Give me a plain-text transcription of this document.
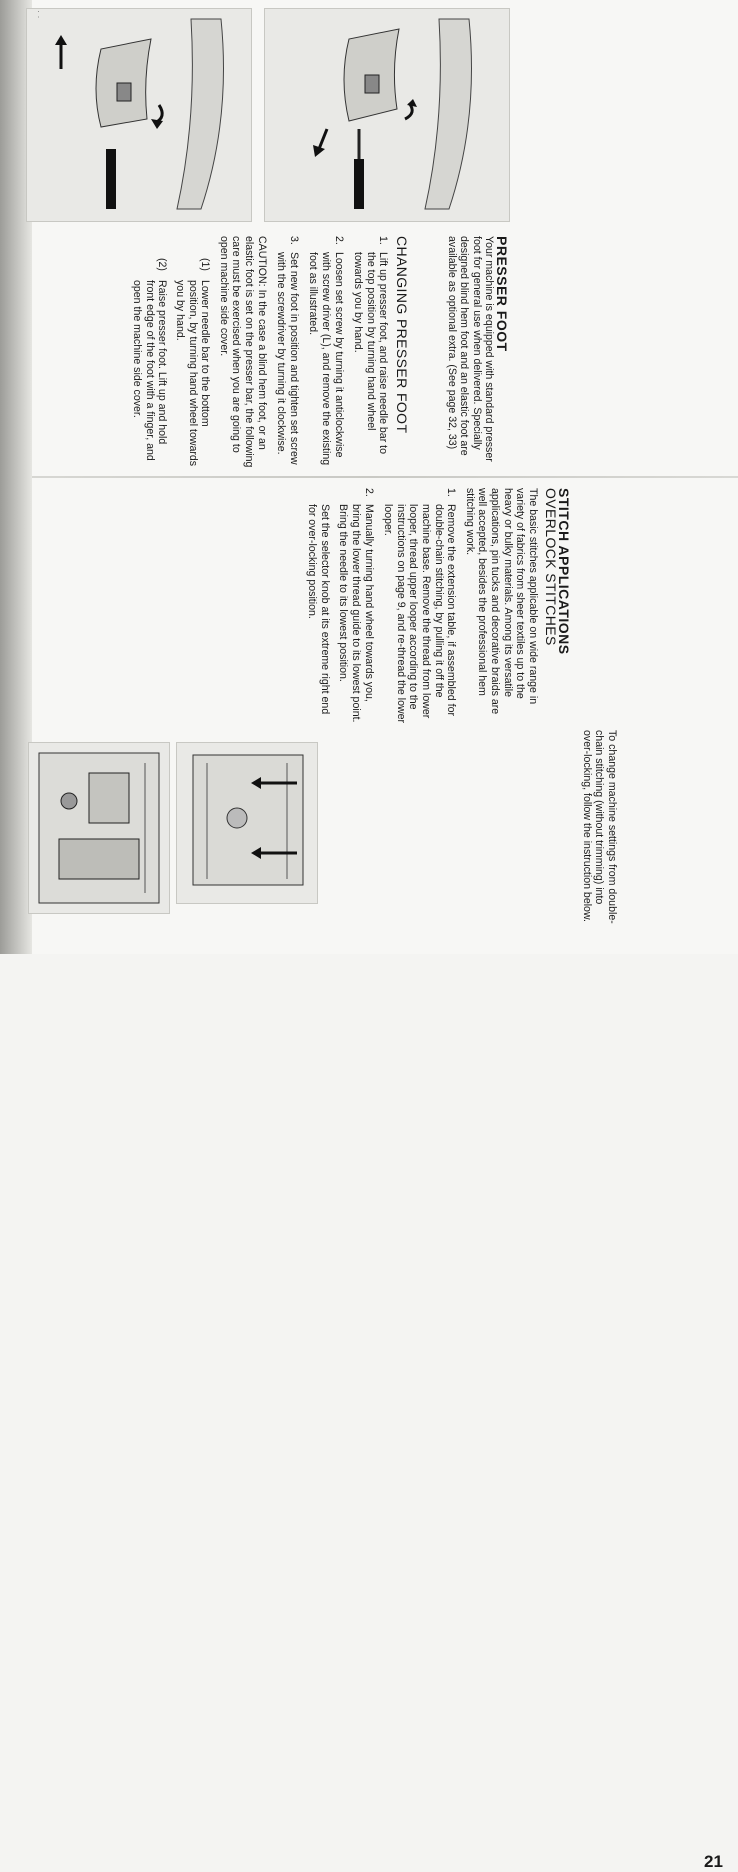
21
PRESSER FOOT

Your machine is equipped with standard presser foot for general use when delivered. Specially designed blind hem foot and an elastic foot are available as optional extra. (See page 32, 33)

CHANGING PRESSER FOOT
1.
Lift up presser foot, and raise needle bar to the top position by turning hand wheel towards you by hand.
2.
Loosen set screw by turning it anticlockwise with screw driver (L), and remove the existing foot as illustrated.
3.
Set new foot in position and tighten set screw with the screwdriver by turning it clockwise.
CAUTION: In the case a blind hem foot, or an elastic foot is set on the presser bar, the following care must be exercised when you are going to open machine side cover.
(1)
Lower needle bar to the bottom position, by turning hand wheel towards you by hand.
(2)
Raise presser foot. Lift up and hold front edge of the foot with a finger, and open the machine side cover.
STITCH APPLICATIONS
OVERLOCK STITCHES

The basic stitches applicable on wide range in variety of fabrics from sheer textiles up to the heavy or bulky materials. Among its versatile applications, pin tucks and decorative braids are well accepted, besides the professional hem stitching work.

1.
Remove the extension table, if assembled for double-chain stitching, by pulling it off the machine base. Remove the thread from lower looper, thread upper looper according to the instructions on page 9, and re-thread the lower looper.
2.
Manually turning hand wheel towards you, bring the lower thread guide to its lowest point. Bring the needle to its lowest position.
Set the selector knob at its extreme right end for over-locking position.

To change machine settings from double-chain stitching (without trimming) into over-locking, follow the instruction below.

· ·
